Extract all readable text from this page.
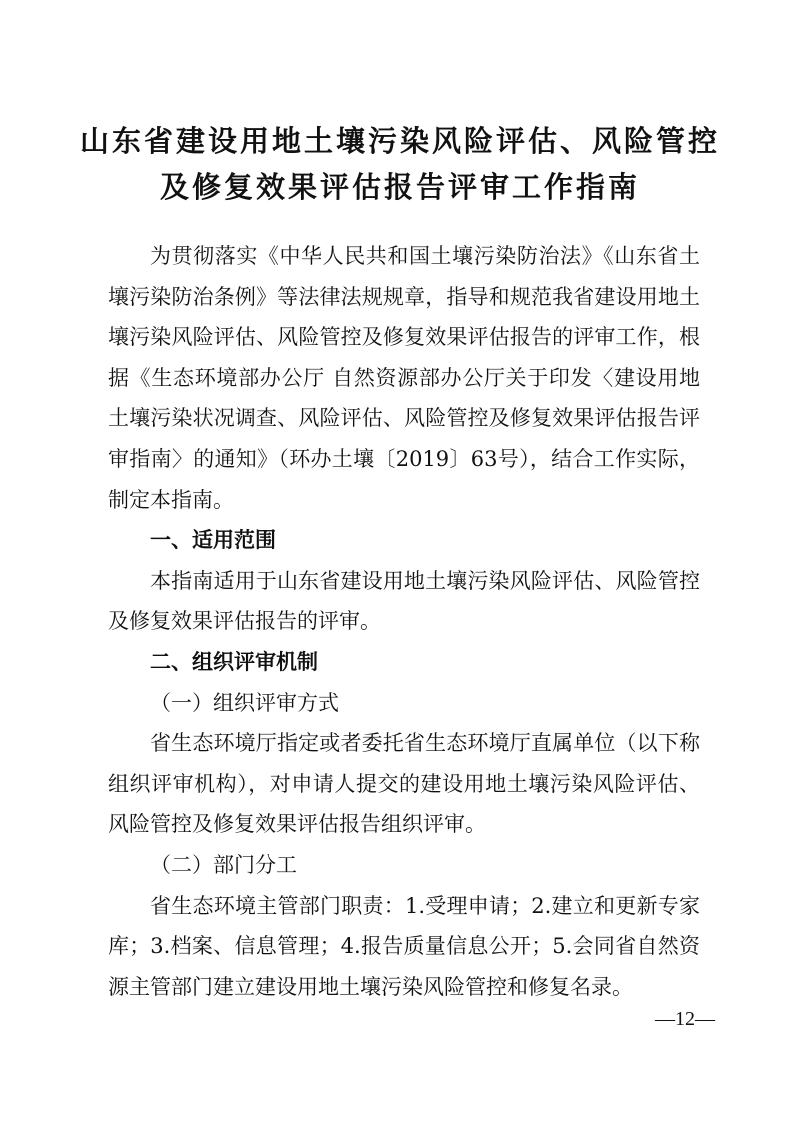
山东省建设用地土壤污染风险评估、风险管控
及修复效果评估报告评审工作指南

为贯彻落实《中华人民共和国土壤污染防治法》《山东省土壤污染防治条例》等法律法规规章，指导和规范我省建设用地土壤污染风险评估、风险管控及修复效果评估报告的评审工作，根据《生态环境部办公厅 自然资源部办公厅关于印发〈建设用地土壤污染状况调查、风险评估、风险管控及修复效果评估报告评审指南〉的通知》（环办土壤〔2019〕63号），结合工作实际，制定本指南。

一、适用范围

本指南适用于山东省建设用地土壤污染风险评估、风险管控及修复效果评估报告的评审。

二、组织评审机制

（一）组织评审方式

省生态环境厅指定或者委托省生态环境厅直属单位（以下称组织评审机构），对申请人提交的建设用地土壤污染风险评估、风险管控及修复效果评估报告组织评审。

（二）部门分工

省生态环境主管部门职责：1.受理申请；2.建立和更新专家库；3.档案、信息管理；4.报告质量信息公开；5.会同省自然资源主管部门建立建设用地土壤污染风险管控和修复名录。

—12—
